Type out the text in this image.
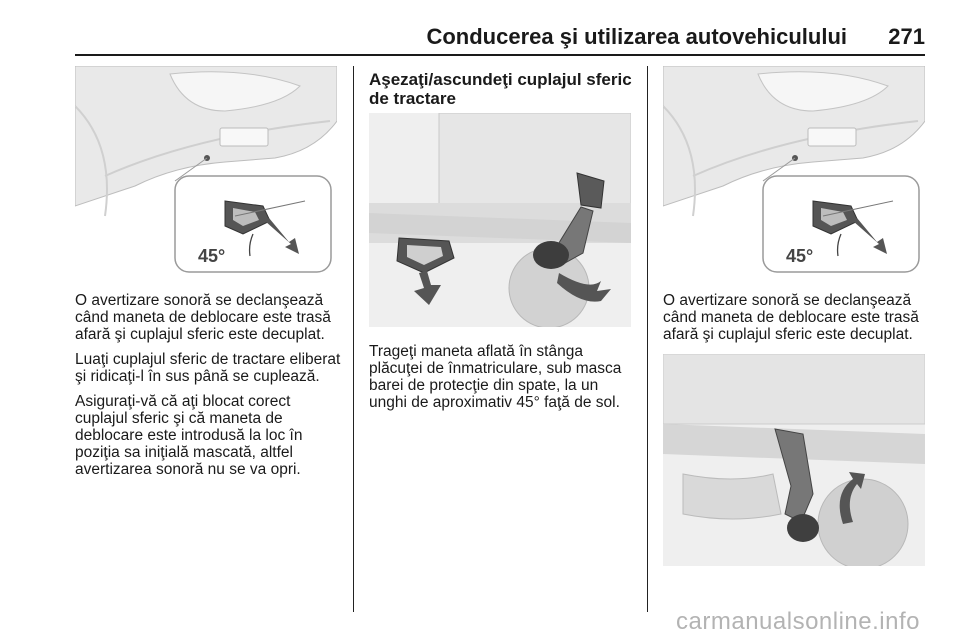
Conducerea şi utilizarea autovehiculului 271
45°	45°

O avertizare sonoră se declanşează când maneta de deblocare este trasă afară şi cuplajul sferic este decuplat.

Luaţi cuplajul sferic de tractare eliberat şi ridicaţi-l în sus până se cuplează.

Asiguraţi-vă că aţi blocat corect cuplajul sferic şi că maneta de deblocare este introdusă la loc în poziţia sa iniţială mascată, altfel avertizarea sonoră nu se va opri.

Aşezaţi/ascundeţi cuplajul sferic de tractare

Trageţi maneta aflată în stânga plăcuţei de înmatriculare, sub masca barei de protecţie din spate, la un unghi de aproximativ 45° faţă de sol.

O avertizare sonoră se declanşează când maneta de deblocare este trasă afară şi cuplajul sferic este decuplat.

carmanualsonline.info
